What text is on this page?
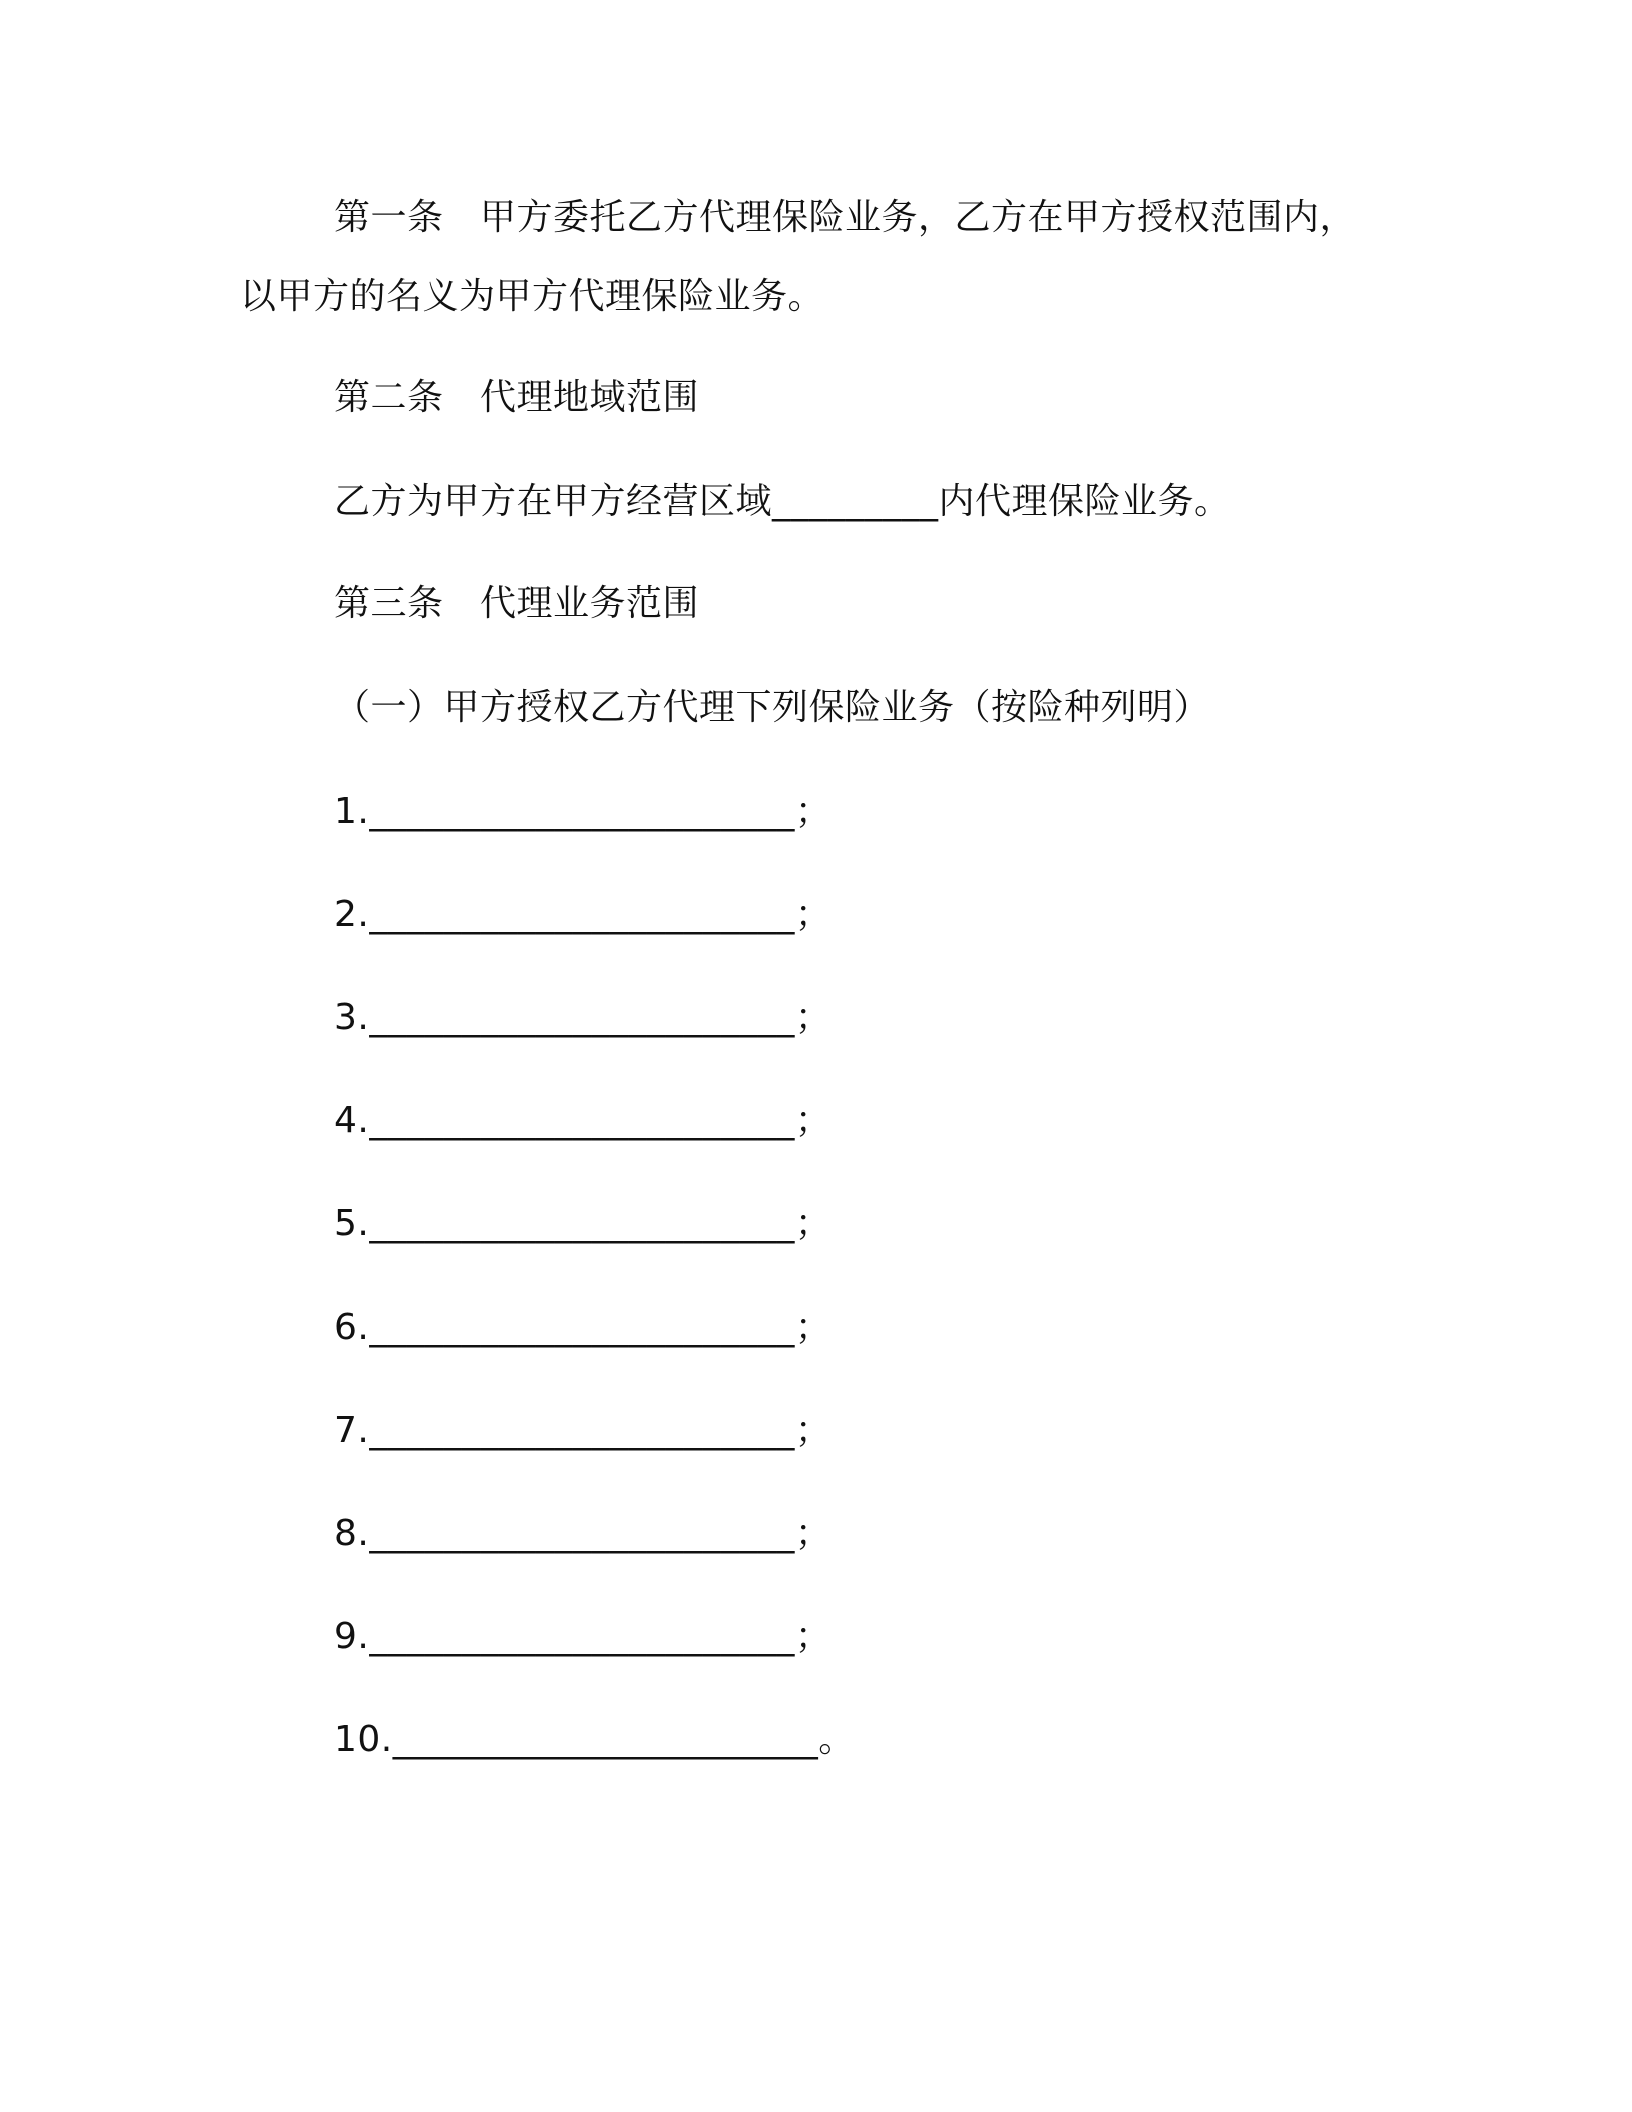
第一条　甲方委托乙方代理保险业务，乙方在甲方授权范围内，
以甲方的名义为甲方代理保险业务。
第二条　代理地域范围
乙方为甲方在甲方经营区域_________内代理保险业务。
第三条　代理业务范围
（一）甲方授权乙方代理下列保险业务（按险种列明）
1._______________________；
2._______________________；
3._______________________；
4._______________________；
5._______________________；
6._______________________；
7._______________________；
8._______________________；
9._______________________；
10._______________________。
